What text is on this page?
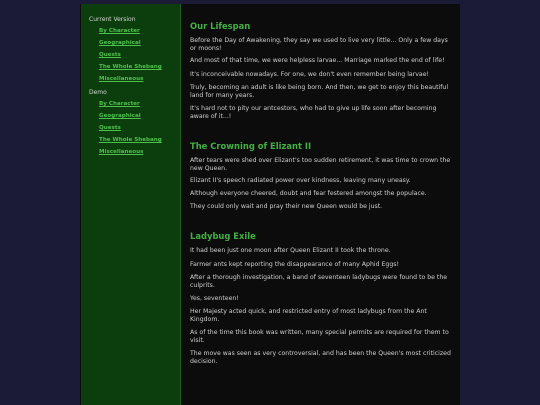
Current Version
By Character
Geographical
Quests
The Whole Shebang
Miscellaneous
Demo
By Character
Geographical
Quests
The Whole Shebang
Miscellaneous
Our Lifespan

Before the Day of Awakening, they say we used to live very little... Only a few days or moons!

And most of that time, we were helpless larvae... Marriage marked the end of life!

It's inconceivable nowadays. For one, we don't even remember being larvae!

Truly, becoming an adult is like being born. And then, we get to enjoy this beautiful land for many years.

It's hard not to pity our antcestors, who had to give up life soon after becoming aware of it...!

The Crowning of Elizant II

After tears were shed over Elizant's too sudden retirement, it was time to crown the new Queen.

Elizant II's speech radiated power over kindness, leaving many uneasy.

Although everyone cheered, doubt and fear festered amongst the populace.

They could only wait and pray their new Queen would be just.

Ladybug Exile

It had been just one moon after Queen Elizant II took the throne.

Farmer ants kept reporting the disappearance of many Aphid Eggs!

After a thorough investigation, a band of seventeen ladybugs were found to be the culprits.

Yes, seventeen!

Her Majesty acted quick, and restricted entry of most ladybugs from the Ant Kingdom.

As of the time this book was written, many special permits are required for them to visit.

The move was seen as very controversial, and has been the Queen's most criticized decision.
